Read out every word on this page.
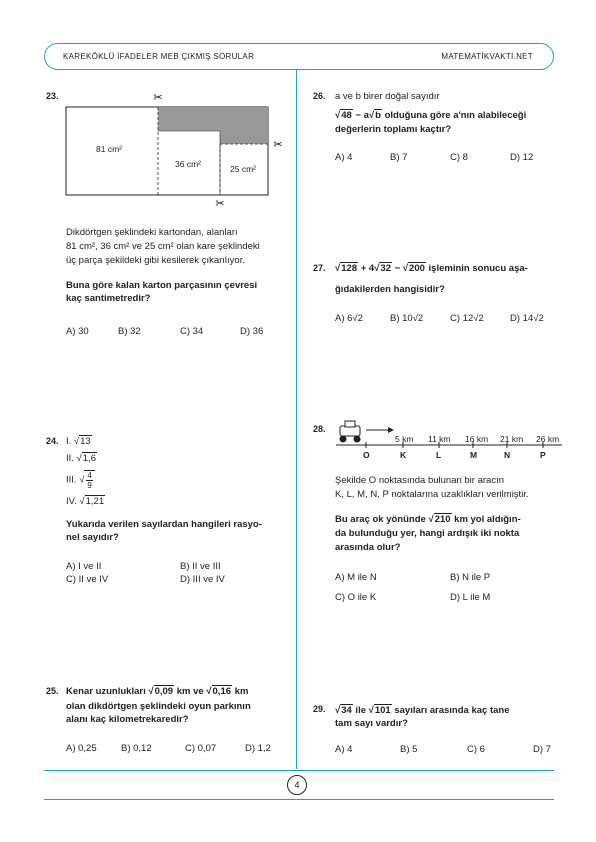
KAREKÖKLÜ İFADELER MEB ÇIKMIŞ SORULAR	MATEMATİKVAKTİ.NET
4
23.	✂
✂
✂
81 cm²
36 cm²	25 cm²
Dikdörtgen şeklindeki kartondan, alanları
81 cm², 36 cm² ve 25 cm² olan kare şeklindeki
üç parça şekildeki gibi kesilerek çıkarılıyor.
Buna göre kalan karton parçasının çevresi
kaç santimetredir?
A) 30	B) 32	C) 34	D) 36
24. I. √13
II. √1,6
III. √ $\frac{4}{9}$
IV. √1,21
Yukarıda verilen sayılardan hangileri rasyo-
nel sayıdır?
A) I ve II	B) II ve III
C) II ve IV	D) III ve IV
25. Kenar uzunlukları √0,09 km ve √0,16 km
olan dikdörtgen şeklindeki oyun parkının
alanı kaç kilometrekaredir?
A) 0,25	B) 0,12	C) 0,07	D) 1,2
26. a ve b birer doğal sayıdır
√48 − a√b olduğuna göre a'nın alabileceği
değerlerin toplamı kaçtır?
A) 4	B) 7	C) 8	D) 12
27. √128 + 4√32 − √200 işleminin sonucu aşa-
ğıdakilerden hangisidir?
A) 6√2	B) 10√2	C) 12√2	D) 14√2
28.
5 km 11 km 16 km 21 km 26 km
O	K	L	M	N	P
Şekilde O noktasında bulunan bir aracın
K, L, M, N, P noktalarına uzaklıkları verilmiştir.
Bu araç ok yönünde √210 km yol aldığın-
da bulunduğu yer, hangi ardışık iki nokta
arasında olur?
A) M ile N	B) N ile P
C) O ile K	D) L ile M
29. √34 ile √101 sayıları arasında kaç tane
tam sayı vardır?
A) 4	B) 5	C) 6	D) 7
